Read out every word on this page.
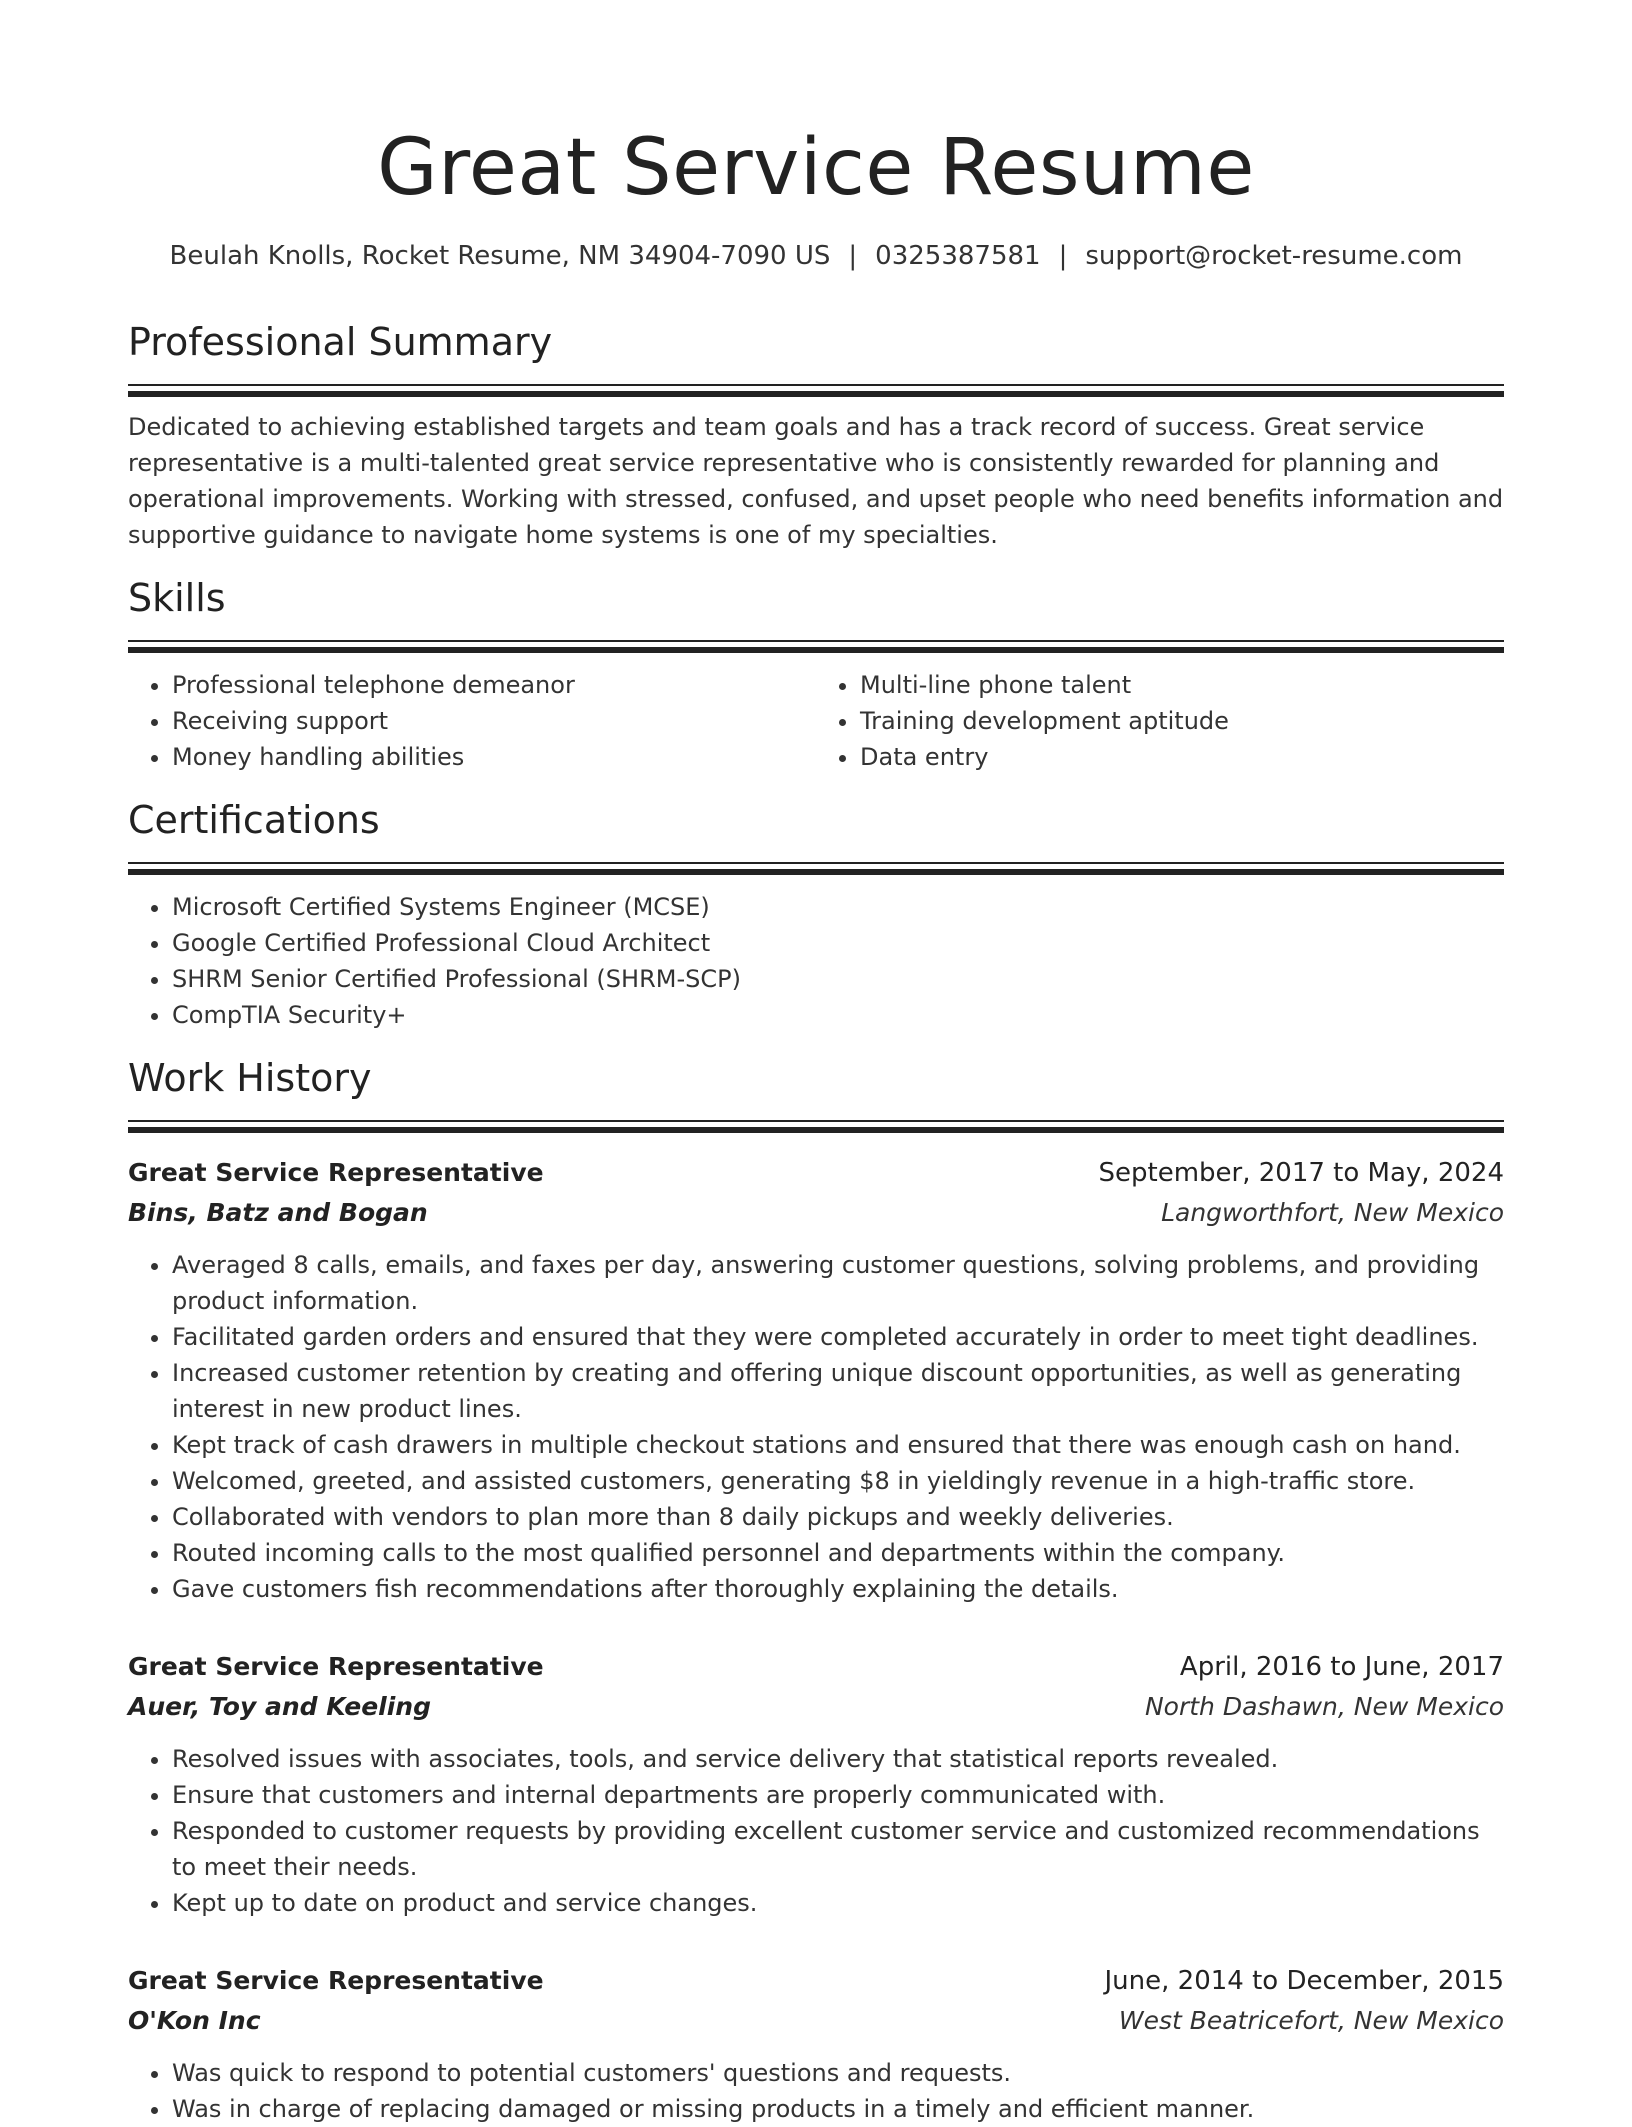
Great Service Resume
Beulah Knolls, Rocket Resume, NM 34904-7090 US | 0325387581 | support@rocket-resume.com
Professional Summary
Dedicated to achieving established targets and team goals and has a track record of success. Great service representative is a multi-talented great service representative who is consistently rewarded for planning and operational improvements. Working with stressed, confused, and upset people who need benefits information and supportive guidance to navigate home systems is one of my specialties.
Skills
• Professional telephone demeanor
• Receiving support
• Money handling abilities
• Multi-line phone talent
• Training development aptitude
• Data entry
Certifications
• Microsoft Certified Systems Engineer (MCSE)
• Google Certified Professional Cloud Architect
• SHRM Senior Certified Professional (SHRM-SCP)
• CompTIA Security+
Work History
Great Service Representative	September, 2017 to May, 2024
Bins, Batz and Bogan	Langworthfort, New Mexico
• Averaged 8 calls, emails, and faxes per day, answering customer questions, solving problems, and providing product information.
• Facilitated garden orders and ensured that they were completed accurately in order to meet tight deadlines.
• Increased customer retention by creating and offering unique discount opportunities, as well as generating interest in new product lines.
• Kept track of cash drawers in multiple checkout stations and ensured that there was enough cash on hand.
• Welcomed, greeted, and assisted customers, generating $8 in yieldingly revenue in a high-traffic store.
• Collaborated with vendors to plan more than 8 daily pickups and weekly deliveries.
• Routed incoming calls to the most qualified personnel and departments within the company.
• Gave customers fish recommendations after thoroughly explaining the details.
Great Service Representative	April, 2016 to June, 2017
Auer, Toy and Keeling	North Dashawn, New Mexico
• Resolved issues with associates, tools, and service delivery that statistical reports revealed.
• Ensure that customers and internal departments are properly communicated with.
• Responded to customer requests by providing excellent customer service and customized recommendations to meet their needs.
• Kept up to date on product and service changes.
Great Service Representative	June, 2014 to December, 2015
O'Kon Inc	West Beatricefort, New Mexico
• Was quick to respond to potential customers' questions and requests.
• Was in charge of replacing damaged or missing products in a timely and efficient manner.
